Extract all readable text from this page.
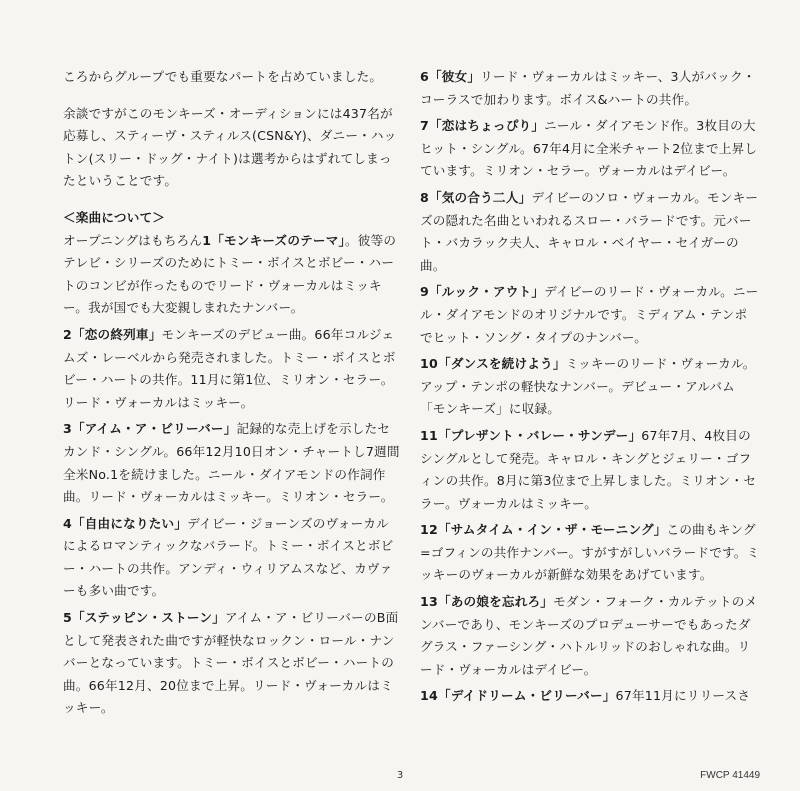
ころからグループでも重要なパートを占めていました。

余談ですがこのモンキーズ・オーディションには437名が応募し、スティーヴ・スティルス(CSN&Y)、ダニー・ハットン(スリー・ドッグ・ナイト)は選考からはずれてしまったということです。

＜楽曲について＞

オープニングはもちろん1「モンキーズのテーマ」。彼等のテレビ・シリーズのためにトミー・ボイスとボビー・ハートのコンビが作ったものでリード・ヴォーカルはミッキー。我が国でも大変親しまれたナンバー。

2「恋の終列車」モンキーズのデビュー曲。66年コルジェムズ・レーベルから発売されました。トミー・ボイスとボビー・ハートの共作。11月に第1位、ミリオン・セラー。リード・ヴォーカルはミッキー。

3「アイム・ア・ビリーバー」記録的な売上げを示したセカンド・シングル。66年12月10日オン・チャートし7週間全米No.1を続けました。ニール・ダイアモンドの作詞作曲。リード・ヴォーカルはミッキー。ミリオン・セラー。

4「自由になりたい」デイビー・ジョーンズのヴォーカルによるロマンティックなバラード。トミー・ボイスとボビー・ハートの共作。アンディ・ウィリアムスなど、カヴァーも多い曲です。

5「ステッピン・ストーン」アイム・ア・ビリーバーのB面として発表された曲ですが軽快なロックン・ロール・ナンバーとなっています。トミー・ボイスとボビー・ハートの曲。66年12月、20位まで上昇。リード・ヴォーカルはミッキー。

6「彼女」リード・ヴォーカルはミッキー、3人がバック・コーラスで加わります。ボイス&ハートの共作。

7「恋はちょっぴり」ニール・ダイアモンド作。3枚目の大ヒット・シングル。67年4月に全米チャート2位まで上昇しています。ミリオン・セラー。ヴォーカルはデイビー。

8「気の合う二人」デイビーのソロ・ヴォーカル。モンキーズの隠れた名曲といわれるスロー・バラードです。元バート・バカラック夫人、キャロル・ベイヤー・セイガーの曲。

9「ルック・アウト」デイビーのリード・ヴォーカル。ニール・ダイアモンドのオリジナルです。ミディアム・テンポでヒット・ソング・タイプのナンバー。

10「ダンスを続けよう」ミッキーのリード・ヴォーカル。アップ・テンポの軽快なナンバー。デビュー・アルバム「モンキーズ」に収録。

11「プレザント・バレー・サンデー」67年7月、4枚目のシングルとして発売。キャロル・キングとジェリー・ゴフィンの共作。8月に第3位まで上昇しました。ミリオン・セラー。ヴォーカルはミッキー。

12「サムタイム・イン・ザ・モーニング」この曲もキング=ゴフィンの共作ナンバー。すがすがしいバラードです。ミッキーのヴォーカルが新鮮な効果をあげています。

13「あの娘を忘れろ」モダン・フォーク・カルテットのメンバーであり、モンキーズのプロデューサーでもあったダグラス・ファーシング・ハトルリッドのおしゃれな曲。リード・ヴォーカルはデイビー。

14「デイドリーム・ビリーバー」67年11月にリリースさ

3	FWCP 41449
